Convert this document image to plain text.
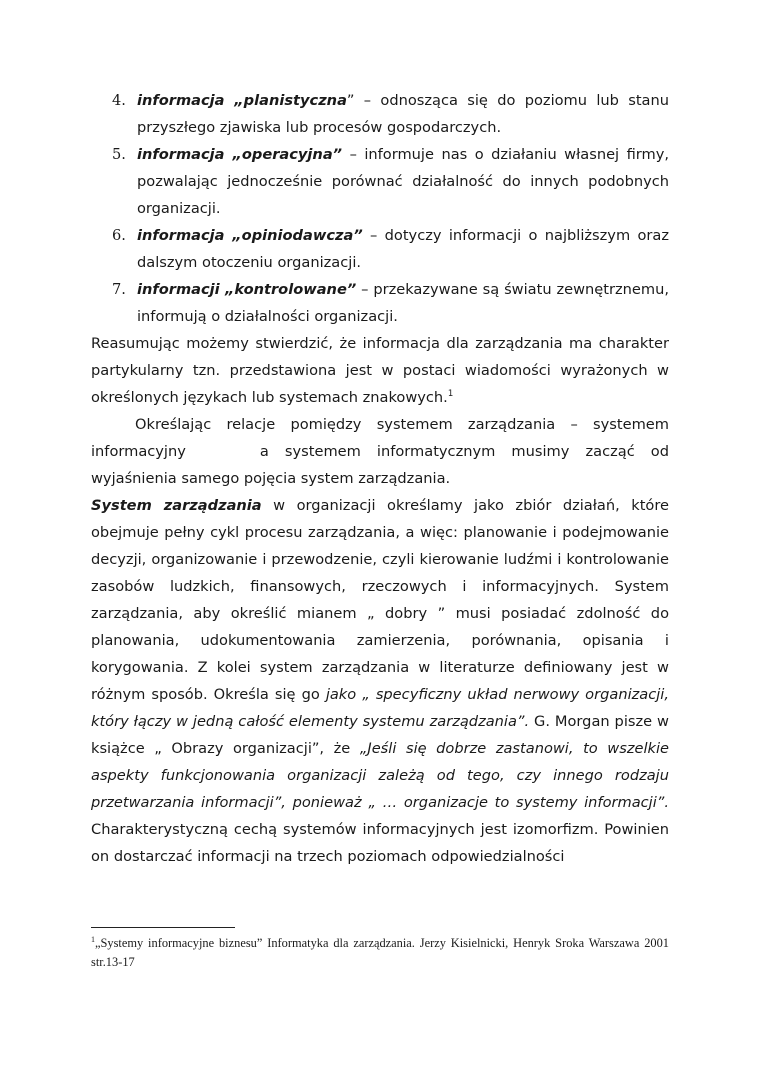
4. informacja „planistyczna” – odnosząca się do poziomu lub stanu przyszłego zjawiska lub procesów gospodarczych.
5. informacja „operacyjna” – informuje nas o działaniu własnej firmy, pozwalając jednocześnie porównać działalność do innych podobnych organizacji.
6. informacja „opiniodawcza” – dotyczy informacji o najbliższym oraz dalszym otoczeniu organizacji.
7. informacji „kontrolowane” – przekazywane są światu zewnętrznemu, informują o działalności organizacji.
Reasumując możemy stwierdzić, że informacja dla zarządzania ma charakter partykularny tzn. przedstawiona jest w postaci wiadomości wyrażonych w określonych językach lub systemach znakowych.$^1$
Określając relacje pomiędzy systemem zarządzania – systemem informacyjny	a systemem informatycznym musimy zacząć od wyjaśnienia samego pojęcia system zarządzania.
System zarządzania w organizacji określamy jako zbiór działań, które obejmuje pełny cykl procesu zarządzania, a więc: planowanie i podejmowanie decyzji, organizowanie i przewodzenie, czyli kierowanie ludźmi i kontrolowanie zasobów ludzkich, finansowych, rzeczowych i informacyjnych. System zarządzania, aby określić mianem „ dobry ” musi posiadać zdolność do planowania, udokumentowania zamierzenia, porównania, opisania i korygowania. Z kolei system zarządzania w literaturze definiowany jest w różnym sposób. Określa się go jako „ specyficzny układ nerwowy organizacji, który łączy w jedną całość elementy systemu zarządzania”. G. Morgan pisze w książce „ Obrazy organizacji”, że „Jeśli się dobrze zastanowi, to wszelkie aspekty funkcjonowania organizacji zależą od tego, czy innego rodzaju przetwarzania informacji”, ponieważ „ … organizacje to systemy informacji”. Charakterystyczną cechą systemów informacyjnych jest izomorfizm. Powinien on dostarczać informacji na trzech poziomach odpowiedzialności
$^1$„Systemy informacyjne biznesu” Informatyka dla zarządzania. Jerzy Kisielnicki, Henryk Sroka Warszawa 2001 str.13-17
